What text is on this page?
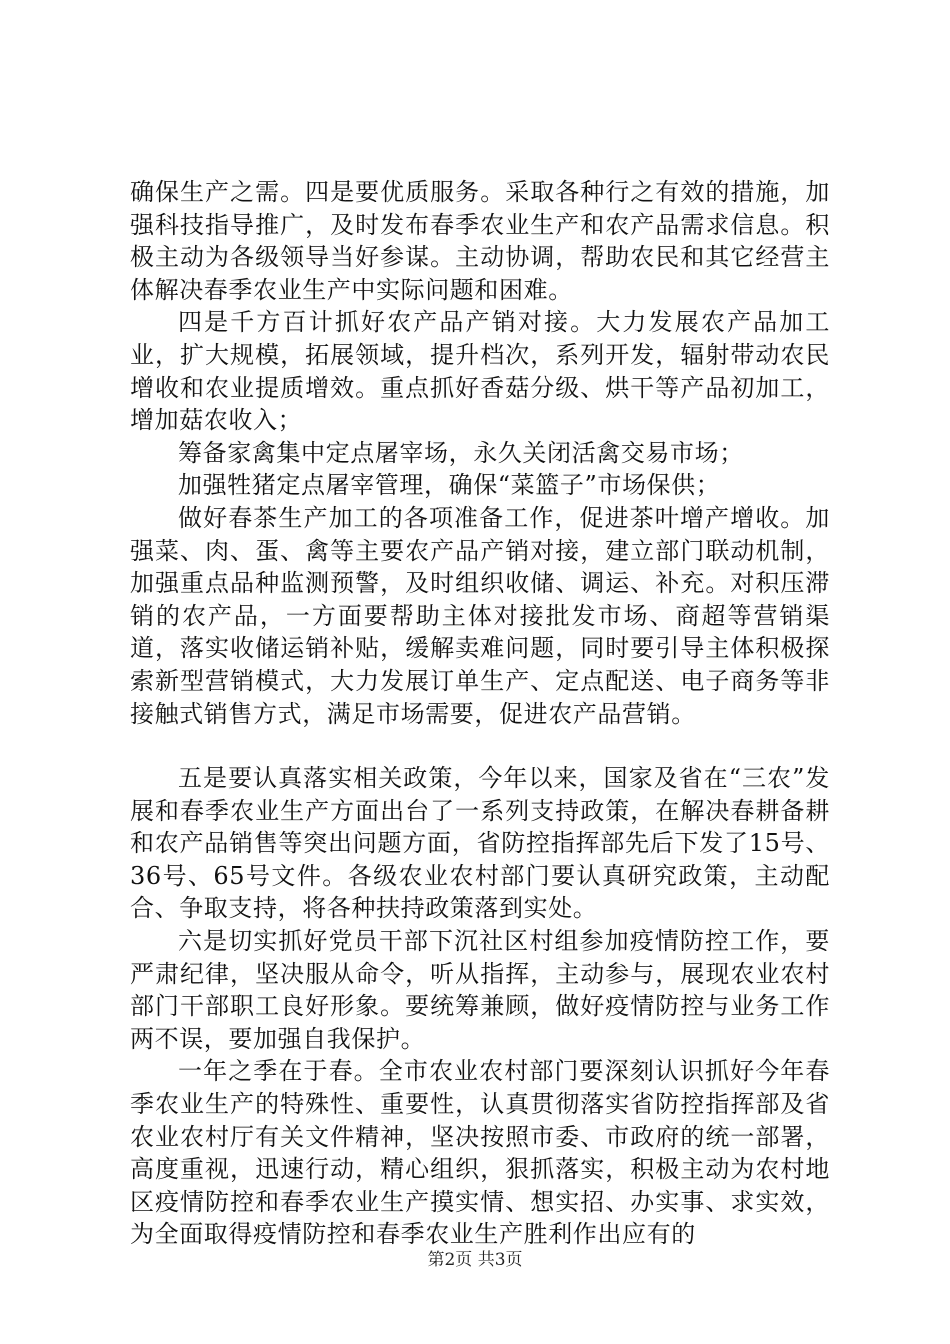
确保生产之需。四是要优质服务。采取各种行之有效的措施，加强科技指导推广，及时发布春季农业生产和农产品需求信息。积极主动为各级领导当好参谋。主动协调，帮助农民和其它经营主体解决春季农业生产中实际问题和困难。

四是千方百计抓好农产品产销对接。大力发展农产品加工业，扩大规模，拓展领域，提升档次，系列开发，辐射带动农民增收和农业提质增效。重点抓好香菇分级、烘干等产品初加工，增加菇农收入；

筹备家禽集中定点屠宰场，永久关闭活禽交易市场；

加强牲猪定点屠宰管理，确保“菜篮子”市场保供；

做好春茶生产加工的各项准备工作，促进茶叶增产增收。加强菜、肉、蛋、禽等主要农产品产销对接，建立部门联动机制，加强重点品种监测预警，及时组织收储、调运、补充。对积压滞销的农产品，一方面要帮助主体对接批发市场、商超等营销渠道，落实收储运销补贴，缓解卖难问题，同时要引导主体积极探索新型营销模式，大力发展订单生产、定点配送、电子商务等非接触式销售方式，满足市场需要，促进农产品营销。

五是要认真落实相关政策，今年以来，国家及省在“三农”发展和春季农业生产方面出台了一系列支持政策，在解决春耕备耕和农产品销售等突出问题方面，省防控指挥部先后下发了15号、36号、65号文件。各级农业农村部门要认真研究政策，主动配合、争取支持，将各种扶持政策落到实处。

六是切实抓好党员干部下沉社区村组参加疫情防控工作，要严肃纪律，坚决服从命令，听从指挥，主动参与，展现农业农村部门干部职工良好形象。要统筹兼顾，做好疫情防控与业务工作两不误，要加强自我保护。

一年之季在于春。全市农业农村部门要深刻认识抓好今年春季农业生产的特殊性、重要性，认真贯彻落实省防控指挥部及省农业农村厅有关文件精神，坚决按照市委、市政府的统一部署，高度重视，迅速行动，精心组织，狠抓落实，积极主动为农村地区疫情防控和春季农业生产摸实情、想实招、办实事、求实效，为全面取得疫情防控和春季农业生产胜利作出应有的

第2页 共3页
